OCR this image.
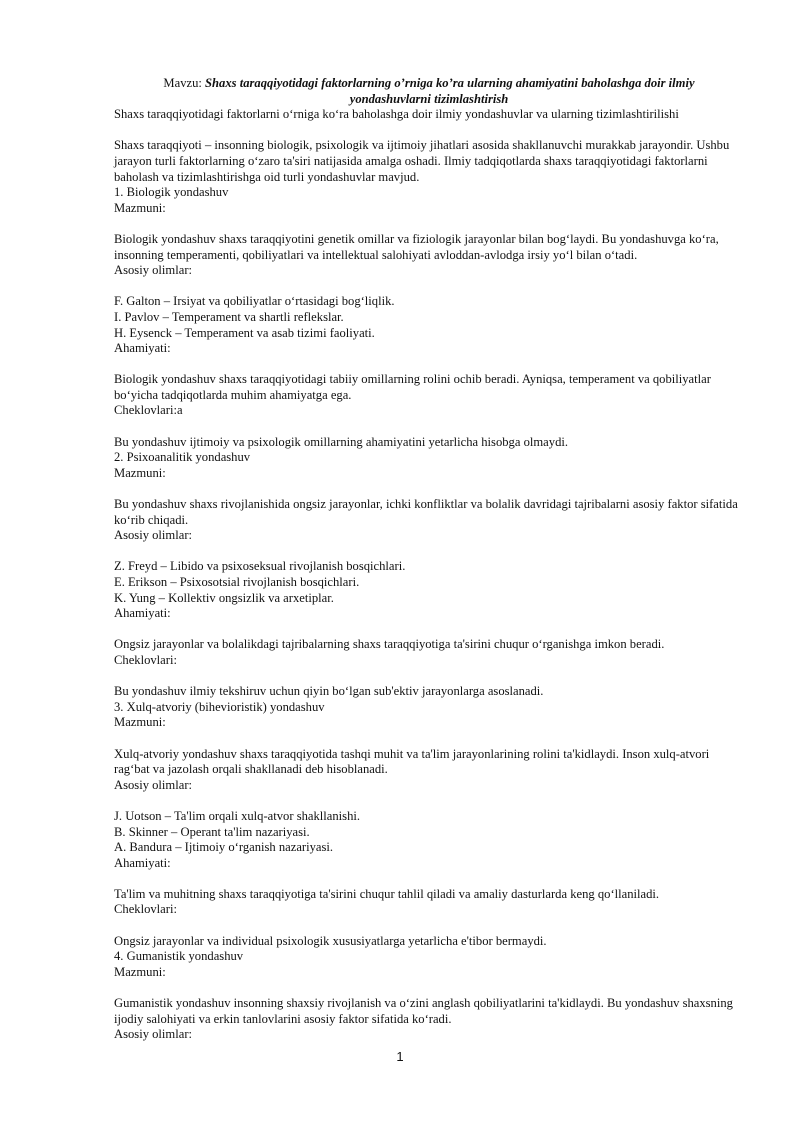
Mavzu: Shaxs taraqqiyotidagi faktorlarning o’rniga ko’ra ularning ahamiyatini baholashga doir ilmiy
yondashuvlarni tizimlashtirish

Shaxs taraqqiyotidagi faktorlarni oʻrniga koʻra baholashga doir ilmiy yondashuvlar va ularning tizimlashtirilishi

Shaxs taraqqiyoti – insonning biologik, psixologik va ijtimoiy jihatlari asosida shakllanuvchi murakkab jarayondir. Ushbu jarayon turli faktorlarning oʻzaro ta'siri natijasida amalga oshadi. Ilmiy tadqiqotlarda shaxs taraqqiyotidagi faktorlarni baholash va tizimlashtirishga oid turli yondashuvlar mavjud.

1. Biologik yondashuv

Mazmuni:

Biologik yondashuv shaxs taraqqiyotini genetik omillar va fiziologik jarayonlar bilan bogʻlaydi. Bu yondashuvga koʻra, insonning temperamenti, qobiliyatlari va intellektual salohiyati avloddan-avlodga irsiy yoʻl bilan oʻtadi.

Asosiy olimlar:

F. Galton – Irsiyat va qobiliyatlar oʻrtasidagi bogʻliqlik.

I. Pavlov – Temperament va shartli reflekslar.

H. Eysenck – Temperament va asab tizimi faoliyati.

Ahamiyati:

Biologik yondashuv shaxs taraqqiyotidagi tabiiy omillarning rolini ochib beradi. Ayniqsa, temperament va qobiliyatlar boʻyicha tadqiqotlarda muhim ahamiyatga ega.

Cheklovlari:a

Bu yondashuv ijtimoiy va psixologik omillarning ahamiyatini yetarlicha hisobga olmaydi.

2. Psixoanalitik yondashuv

Mazmuni:

Bu yondashuv shaxs rivojlanishida ongsiz jarayonlar, ichki konfliktlar va bolalik davridagi tajribalarni asosiy faktor sifatida koʻrib chiqadi.

Asosiy olimlar:

Z. Freyd – Libido va psixoseksual rivojlanish bosqichlari.

E. Erikson – Psixosotsial rivojlanish bosqichlari.

K. Yung – Kollektiv ongsizlik va arxetiplar.

Ahamiyati:

Ongsiz jarayonlar va bolalikdagi tajribalarning shaxs taraqqiyotiga ta'sirini chuqur oʻrganishga imkon beradi.

Cheklovlari:

Bu yondashuv ilmiy tekshiruv uchun qiyin boʻlgan sub'ektiv jarayonlarga asoslanadi.

3. Xulq-atvoriy (bihevioristik) yondashuv

Mazmuni:

Xulq-atvoriy yondashuv shaxs taraqqiyotida tashqi muhit va ta'lim jarayonlarining rolini ta'kidlaydi. Inson xulq-atvori ragʻbat va jazolash orqali shakllanadi deb hisoblanadi.

Asosiy olimlar:

J. Uotson – Ta'lim orqali xulq-atvor shakllanishi.

B. Skinner – Operant ta'lim nazariyasi.

A. Bandura – Ijtimoiy oʻrganish nazariyasi.

Ahamiyati:

Ta'lim va muhitning shaxs taraqqiyotiga ta'sirini chuqur tahlil qiladi va amaliy dasturlarda keng qoʻllaniladi.

Cheklovlari:

Ongsiz jarayonlar va individual psixologik xususiyatlarga yetarlicha e'tibor bermaydi.

4. Gumanistik yondashuv

Mazmuni:

Gumanistik yondashuv insonning shaxsiy rivojlanish va oʻzini anglash qobiliyatlarini ta'kidlaydi. Bu yondashuv shaxsning ijodiy salohiyati va erkin tanlovlarini asosiy faktor sifatida koʻradi.

Asosiy olimlar:

1
